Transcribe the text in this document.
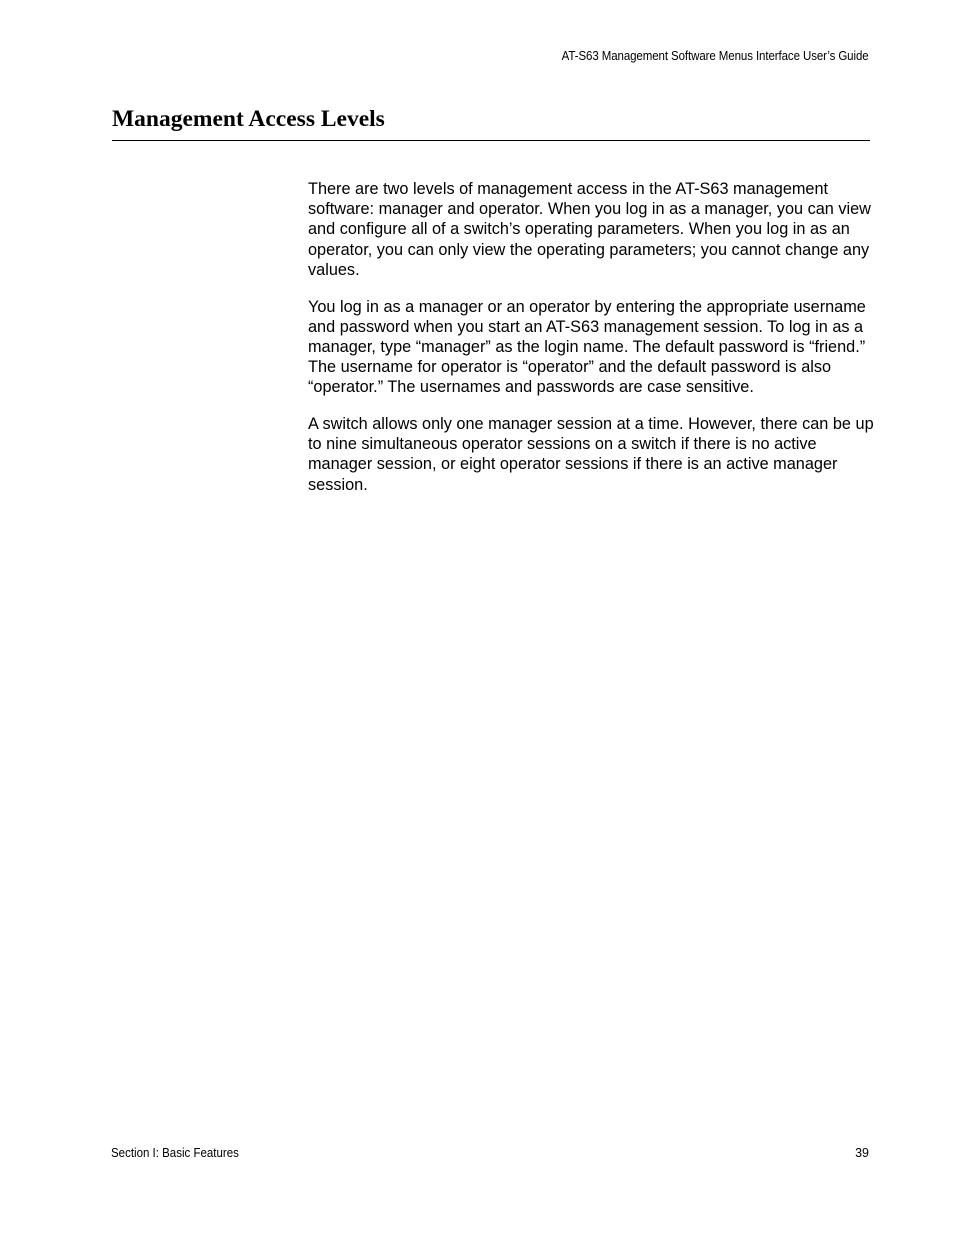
AT-S63 Management Software Menus Interface User’s Guide
Management Access Levels

There are two levels of management access in the AT-S63 management software: manager and operator. When you log in as a manager, you can view and configure all of a switch’s operating parameters. When you log in as an operator, you can only view the operating parameters; you cannot change any values.

You log in as a manager or an operator by entering the appropriate username and password when you start an AT-S63 management session. To log in as a manager, type “manager” as the login name. The default password is “friend.” The username for operator is “operator” and the default password is also “operator.” The usernames and passwords are case sensitive.

A switch allows only one manager session at a time. However, there can be up to nine simultaneous operator sessions on a switch if there is no active manager session, or eight operator sessions if there is an active manager session.

Section I: Basic Features	39
